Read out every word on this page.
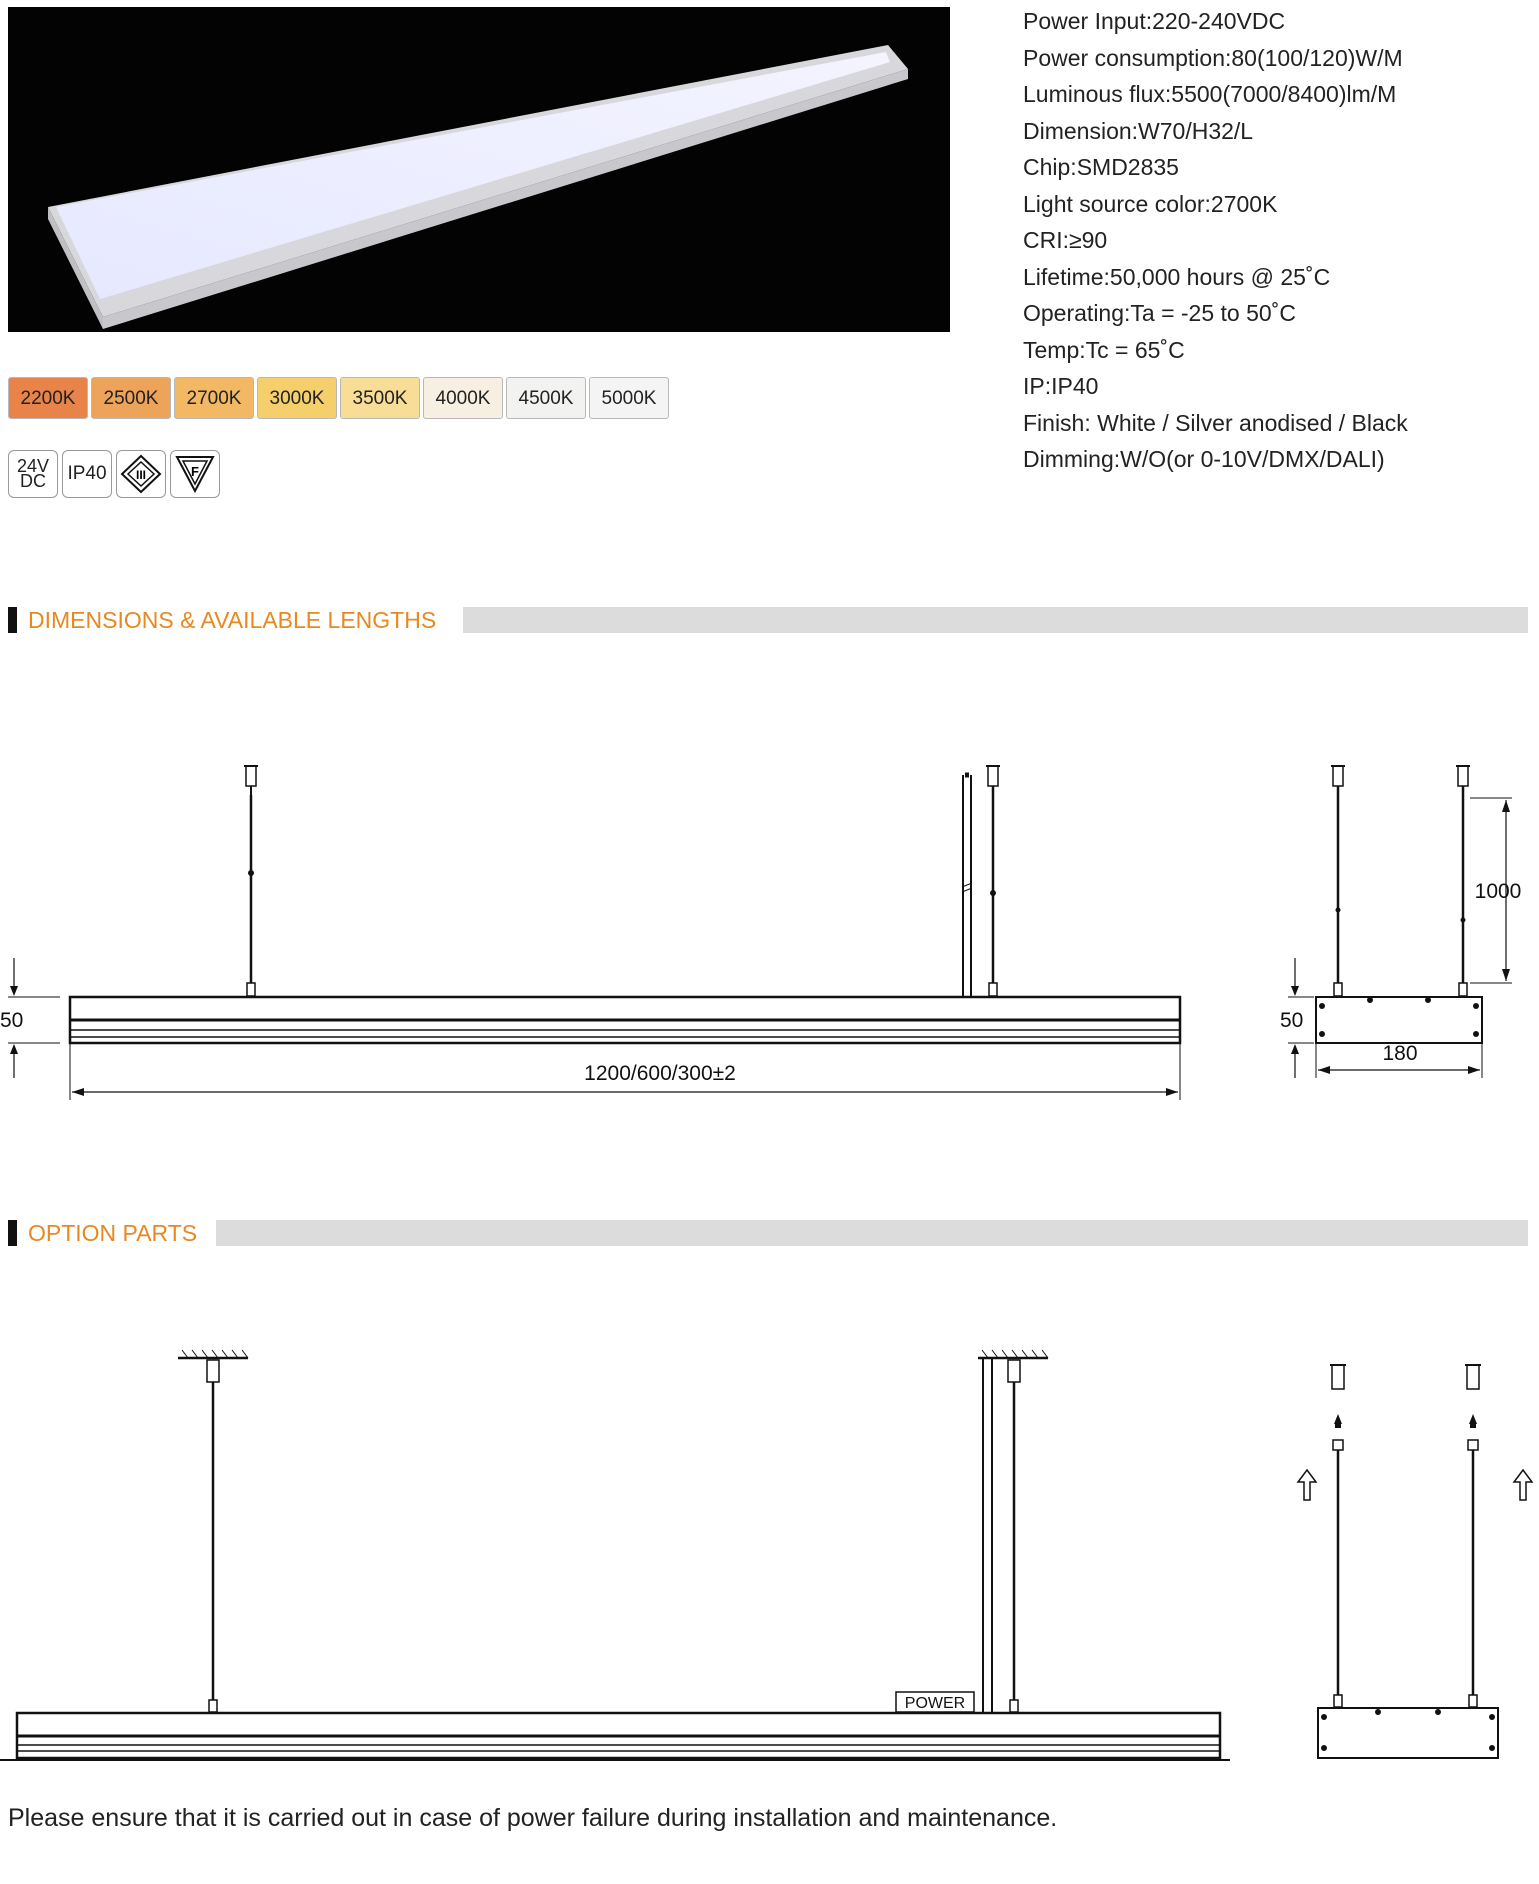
Power Input:220-240VDC
Power consumption:80(100/120)W/M
Luminous flux:5500(7000/8400)lm/M
Dimension:W70/H32/L
Chip:SMD2835
Light source color:2700K
CRI:≥90
Lifetime:50,000 hours @ 25˚C
Operating:Ta = -25 to 50˚C
Temp:Tc = 65˚C
IP:IP40
Finish: White / Silver anodised / Black
Dimming:W/O(or 0-10V/DMX/DALI)
2200K	2500K	2700K	3000K	3500K	4000K	4500K	5000K
24V
DC IP40	III	F
DIMENSIONS & AVAILABLE LENGTHS
1200/600/300±2
50
1000
180
50
OPTION PARTS
POWER
Please ensure that it is carried out in case of power failure during installation and maintenance.
